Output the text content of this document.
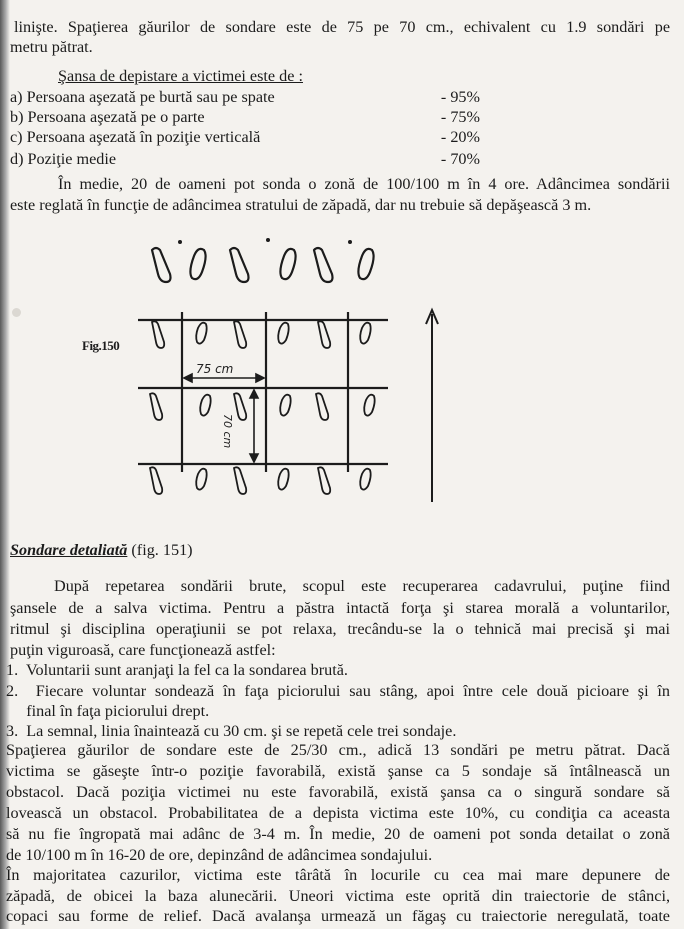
linişte. Spaţierea găurilor de sondare este de 75 pe 70 cm., echivalent cu 1.9 sondări pe
metru pătrat.
Şansa de depistare a victimei este de :
a) Persoana aşezată pe burtă sau pe spate	- 95%
b) Persoana aşezată pe o parte	- 75%
c) Persoana aşezată în poziţie verticală	- 20%
d) Poziţie medie	- 70%
În medie, 20 de oameni pot sonda o zonă de 100/100 m în 4 ore. Adâncimea sondării
este reglată în funcţie de adâncimea stratului de zăpadă, dar nu trebuie să depăşească 3 m.
Fig.150
75 cm
70 cm
Sondare detaliată (fig. 151)
După repetarea sondării brute, scopul este recuperarea cadavrului, puţine fiind
şansele de a salva victima. Pentru a păstra intactă forţa şi starea morală a voluntarilor,
ritmul şi disciplina operaţiunii se pot relaxa, trecându-se la o tehnică mai precisă şi mai
puţin viguroasă, care funcţionează astfel:
1.  Voluntarii sunt aranjaţi la fel ca la sondarea brută.
2.  Fiecare voluntar sondează în faţa piciorului sau stâng, apoi între cele două picioare şi în
final în faţa piciorului drept.
3.  La semnal, linia înaintează cu 30 cm. şi se repetă cele trei sondaje.
Spaţierea găurilor de sondare este de 25/30 cm., adică 13 sondări pe metru pătrat. Dacă
victima se găseşte într-o poziţie favorabilă, există şanse ca 5 sondaje să întâlnească un
obstacol. Dacă poziţia victimei nu este favorabilă, există şansa ca o singură sondare să
lovească un obstacol. Probabilitatea de a depista victima este 10%, cu condiţia ca aceasta
să nu fie îngropată mai adânc de 3-4 m. În medie, 20 de oameni pot sonda detailat o zonă
de 10/100 m în 16-20 de ore, depinzând de adâncimea sondajului.
În majoritatea cazurilor, victima este târâtă în locurile cu cea mai mare depunere de
zăpadă, de obicei la baza alunecării. Uneori victima este oprită din traiectorie de stânci,
copaci sau forme de relief. Dacă avalanşa urmează un făgaş cu traiectorie neregulată, toate
